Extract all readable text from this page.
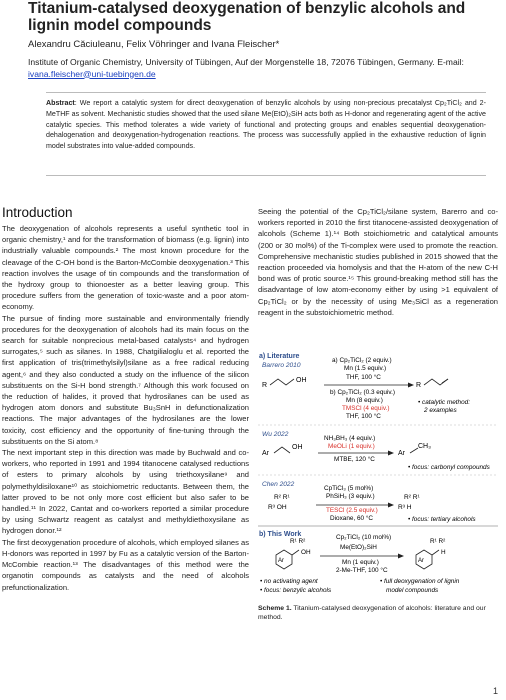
Titanium-catalysed deoxygenation of benzylic alcohols and lignin model compounds
Alexandru Căciuleanu, Felix Vöhringer and Ivana Fleischer*
Institute of Organic Chemistry, University of Tübingen, Auf der Morgenstelle 18, 72076 Tübingen, Germany. E-mail: ivana.fleischer@uni-tuebingen.de
Abstract: We report a catalytic system for direct deoxygenation of benzylic alcohols by using non-precious precatalyst Cp₂TiCl₂ and 2-MeTHF as solvent. Mechanistic studies showed that the used silane Me(EtO)₂SiH acts both as H-donor and regenerating agent of the active catalytic species. This method tolerates a wide variety of functional and protecting groups and enables sequential deoxygenation-dehalogenation and deoxygenation-hydrogenation reactions. The process was successfully applied in the exhaustive reduction of lignin model substrates into value-added compounds.
Introduction

The deoxygenation of alcohols represents a useful synthetic tool in organic chemistry,¹ and for the transformation of biomass (e.g. lignin) into industrially valuable compounds.² The most known procedure for the cleavage of the C-OH bond is the Barton-McCombie deoxygenation.³ This reaction involves the usage of tin compounds and the transformation of the hydroxy group to thionoester as a better leaving group. This procedure suffers from the generation of toxic-waste and a poor atom-economy.

The pursue of finding more sustainable and environmentally friendly procedures for the deoxygenation of alcohols had its main focus on the search for suitable nonprecious metal-based catalysts⁴ and hydrogen surrogates,⁵ such as silanes. In 1988, Chatgilialoglu et al. reported the first application of tris(trimethylsilyl)silane as a free radical reducing agent,⁶ and they also conducted a study on the influence of the silicon substituents on the Si-H bond strength.⁷ Although this work focused on the reduction of halides, it proved that hydrosilanes can be used as hydrogen atom donors and substitute Bu₃SnH in defunctionalization reactions. The major advantages of the hydrosilanes are the lower toxicity, cost efficiency and the opportunity of fine-tuning through the substituents on the Si atom.⁸

The next important step in this direction was made by Buchwald and co-workers, who reported in 1991 and 1994 titanocene catalysed reductions of esters to primary alcohols by using triethoxysilane⁹ and polymethyldisiloxane¹⁰ as stoichiometric reductants. Between them, the latter proved to be not only more cost efficient but also safer to be handled.¹¹ In 2022, Cantat and co-workers reported a similar procedure by using Schwartz reagent as catalyst and methyldiethoxysilane as hydrogen donor.¹²

The first deoxygenation procedure of alcohols, which employed silanes as H-donors was reported in 1997 by Fu as a catalytic version of the Barton-McCombie reaction.¹³ The disadvantages of this method were the organotin compounds as catalysts and the need of alcohols prefunctionalization.

Seeing the potential of the Cp₂TiCl₂/silane system, Barerro and co-workers reported in 2010 the first titanocene-assisted deoxygenation of alcohols (Scheme 1).¹⁴ Both stoichiometric and catalytical amounts (200 or 30 mol%) of the Ti-complex were used to promote the reaction. Comprehensive mechanistic studies published in 2015 showed that the reaction proceeded via homolysis and that the H-atom of the new C-H bond was of protic source.¹⁵ This ground-breaking method still has the disadvantage of low atom-economy either by using >1 equivalent of Cp₂TiCl₂ or by the necessity of using Me₃SiCl as a regeneration reagent in the substoichiometric method.

a) Literature
Barrero 2010
R
OH
a) Cp₂TiCl₂ (2 equiv.)
Mn (1.5 equiv.)
THF, 100 °C
b) Cp₂TiCl₂ (0.3 equiv.)
Mn (8 equiv.)
TMSCl (4 equiv.)
THF, 100 °C
R
• catalytic method:
2 examples
Wu 2022
Ar
OH
NH₃BH₃ (4 equiv.)
MeOLi (1 equiv.)
MTBE, 120 °C
Ar
CH₃
• focus: carbonyl compounds
Chen 2022
R² R¹
R³ OH
CpTiCl₃ (5 mol%)
PhSiH₃ (3 equiv.)
TESCl (2.5 equiv.)
Dioxane, 60 °C
R² R¹
R³ H
• focus: tertiary alcohols
b) This Work
Ar
R¹ R²
OH
Cp₂TiCl₂ (10 mol%)
Me(EtO)₂SiH
Mn (1 equiv.)
2-Me-THF, 100 °C
Ar
R¹ R²
H
• no activating agent
• focus: benzylic alcohols
• full deoxygenation of lignin
model compounds
Scheme 1. Titanium-catalysed deoxygenation of alcohols: literature and our method.
1
